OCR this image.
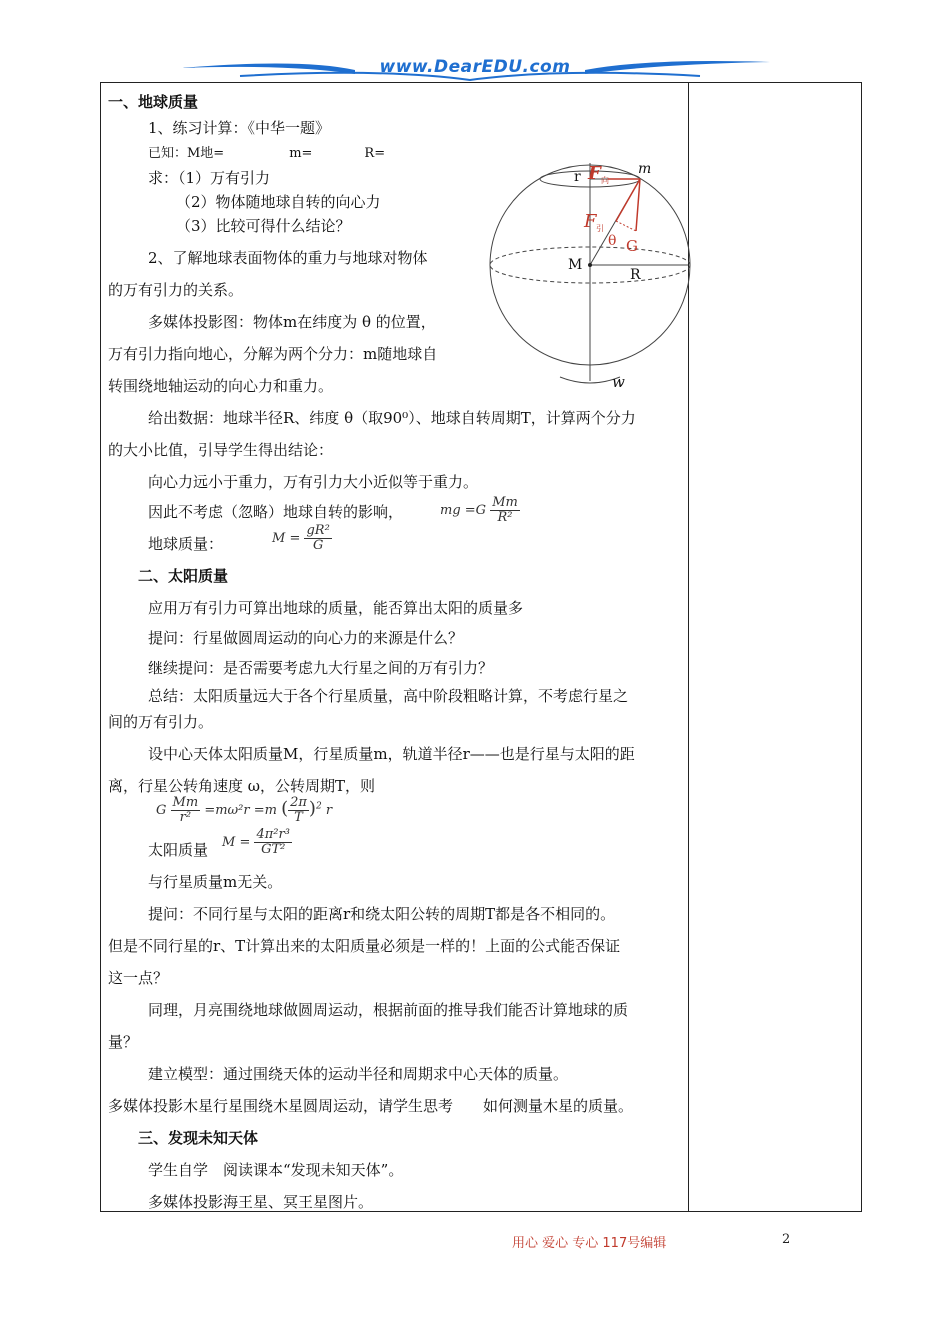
www.DearEDU.com
一、地球质量
1、练习计算：《中华一题》
已知：M地=　　　　　m=　　　　R=
求：（1）万有引力
（2）物体随地球自转的向心力
（3）比较可得什么结论？
2、了解地球表面物体的重力与地球对物体
的万有引力的关系。
多媒体投影图：物体m在纬度为 θ 的位置，
万有引力指向地心，分解为两个分力：m随地球自
转围绕地轴运动的向心力和重力。
给出数据：地球半径R、纬度 θ（取90⁰）、地球自转周期T，计算两个分力
的大小比值，引导学生得出结论：
向心力远小于重力，万有引力大小近似等于重力。
因此不考虑（忽略）地球自转的影响，	mg $=G \frac{Mm}{\text{R²}}$
地球质量：	$M = \frac{\text{gR²}}{G}$
二、太阳质量
应用万有引力可算出地球的质量，能否算出太阳的质量多
提问：行星做圆周运动的向心力的来源是什么？
继续提问：是否需要考虑九大行星之间的万有引力？
总结：太阳质量远大于各个行星质量，高中阶段粗略计算，不考虑行星之
间的万有引力。
设中心天体太阳质量M，行星质量m，轨道半径r——也是行星与太阳的距
离，行星公转角速度 ω，公转周期T，则
G $\frac{Mm}{\text{r²}} =m\omega^2r =m$ ( $\frac{2\pi}{T} )^2$ r
太阳质量 $M = \frac{\text{4π²r³}}{\text{GT²}}$
与行星质量m无关。
提问：不同行星与太阳的距离r和绕太阳公转的周期T都是各不相同的。
但是不同行星的r、T计算出来的太阳质量必须是一样的！上面的公式能否保证
这一点？
同理，月亮围绕地球做圆周运动，根据前面的推导我们能否计算地球的质
量？
建立模型：通过围绕天体的运动半径和周期求中心天体的质量。
多媒体投影木星行星围绕木星圆周运动，请学生思考　　如何测量木星的质量。
三、发现未知天体
学生自学　阅读课本“发现未知天体”。
多媒体投影海王星、冥王星图片。
r F 向
m
F 引
θ G
M
R
w
用心 爱心 专心 117号编辑	2
